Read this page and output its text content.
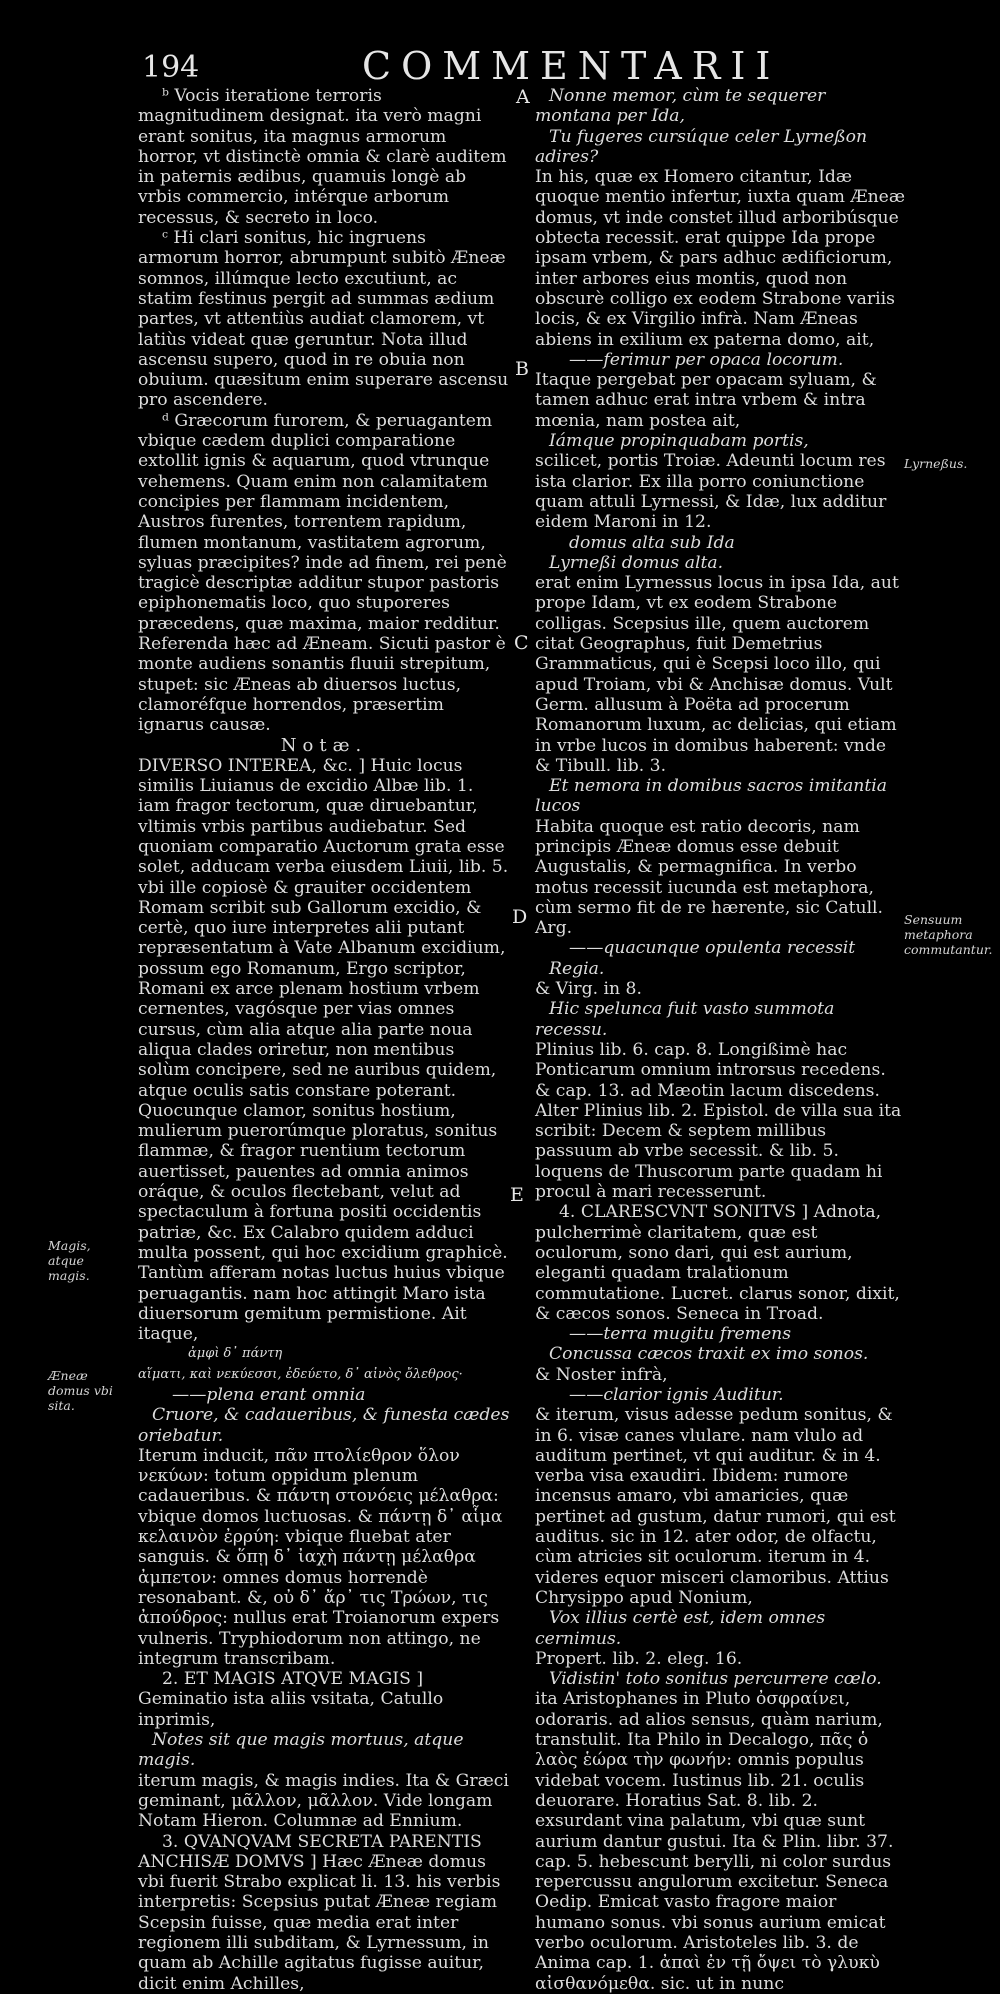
194	COMMENTARII
A
B
C
D
E
Lyrneßus.
Sensuum metaphora commutantur.
Magis, atque magis.
Æneæ domus vbi sita.

ᵇ Vocis iteratione terroris magnitudinem designat. ita verò magni erant sonitus, ita magnus armorum horror, vt distinctè omnia & clarè auditem in paternis ædibus, quamuis longè ab vrbis commercio, intérque arborum recessus, & secreto in loco.

ᶜ Hi clari sonitus, hic ingruens armorum horror, abrumpunt subitò Æneæ somnos, illúmque lecto excutiunt, ac statim festinus pergit ad summas ædium partes, vt attentiùs audiat clamorem, vt latiùs videat quæ geruntur. Nota illud ascensu supero, quod in re obuia non obuium. quæsitum enim superare ascensu pro ascendere.

ᵈ Græcorum furorem, & peruagantem vbique cædem duplici comparatione extollit ignis & aquarum, quod vtrunque vehemens. Quam enim non calamitatem concipies per flammam incidentem, Austros furentes, torrentem rapidum, flumen montanum, vastitatem agrorum, syluas præcipites? inde ad finem, rei penè tragicè descriptæ additur stupor pastoris epiphonematis loco, quo stuporeres præcedens, quæ maxima, maior redditur. Referenda hæc ad Æneam. Sicuti pastor è monte audiens sonantis fluuii strepitum, stupet: sic Æneas ab diuersos luctus, clamoréfque horrendos, præsertim ignarus causæ.

Notæ.

DIVERSO INTEREA, &c. ] Huic locus similis Liuianus de excidio Albæ lib. 1. iam fragor tectorum, quæ diruebantur, vltimis vrbis partibus audiebatur. Sed quoniam comparatio Auctorum grata esse solet, adducam verba eiusdem Liuii, lib. 5. vbi ille copiosè & grauiter occidentem Romam scribit sub Gallorum excidio, & certè, quo iure interpretes alii putant repræsentatum à Vate Albanum excidium, possum ego Romanum, Ergo scriptor, Romani ex arce plenam hostium vrbem cernentes, vagósque per vias omnes cursus, cùm alia atque alia parte noua aliqua clades oriretur, non mentibus solùm concipere, sed ne auribus quidem, atque oculis satis constare poterant. Quocunque clamor, sonitus hostium, mulierum puerorúmque ploratus, sonitus flammæ, & fragor ruentium tectorum auertisset, pauentes ad omnia animos oráque, & oculos flectebant, velut ad spectaculum à fortuna positi occidentis patriæ, &c. Ex Calabro quidem adduci multa possent, qui hoc excidium graphicè. Tantùm afferam notas luctus huius vbique peruagantis. nam hoc attingit Maro ista diuersorum gemitum permistione. Ait itaque,

ἀμφὶ δ᾽ πάντη
αἵματι, καὶ νεκύεσσι, ἐδεύετο, δ᾽ αἰνὸς ὄλεθρος·
——plena erant omnia
Cruore, & cadaueribus, & funesta cædes oriebatur.

Iterum inducit, πᾶν πτολίεθρον ὅλον νεκύων: totum oppidum plenum cadaueribus. & πάντη στονόεις μέλαθρα: vbique domos luctuosas. & πάντῃ δ᾽ αἷμα κελαινὸν ἐρρύη: vbique fluebat ater sanguis. & ὅπῃ δ᾽ ἰαχὴ πάντῃ μέλαθρα ἀμπετον: omnes domus horrendè resonabant. &, οὐ δ᾽ ἄρ᾽ τις Τρώων, τις ἀπούδρος: nullus erat Troianorum expers vulneris. Tryphiodorum non attingo, ne integrum transcribam.

2. ET MAGIS ATQVE MAGIS ] Geminatio ista aliis vsitata, Catullo inprimis,

Notes sit que magis mortuus, atque magis.

iterum magis, & magis indies. Ita & Græci geminant, μᾶλλον, μᾶλλον. Vide longam Notam Hieron. Columnæ ad Ennium.

3. QVANQVAM SECRETA PARENTIS ANCHISÆ DOMVS ] Hæc Æneæ domus vbi fuerit Strabo explicat li. 13. his verbis interpretis: Scepsius putat Æneæ regiam Scepsin fuisse, quæ media erat inter regionem illi subditam, & Lyrnessum, in quam ab Achille agitatus fugisse auitur, dicit enim Achilles,

Nonne memor, cùm te sequerer montana per Ida,
Tu fugeres cursúque celer Lyrneßon adires?

In his, quæ ex Homero citantur, Idæ quoque mentio infertur, iuxta quam Æneæ domus, vt inde constet illud arboribúsque obtecta recessit. erat quippe Ida prope ipsam vrbem, & pars adhuc ædificiorum, inter arbores eius montis, quod non obscurè colligo ex eodem Strabone variis locis, & ex Virgilio infrà. Nam Æneas abiens in exilium ex paterna domo, ait,

——ferimur per opaca locorum.

Itaque pergebat per opacam syluam, & tamen adhuc erat intra vrbem & intra mœnia, nam postea ait,

Iámque propinquabam portis,

scilicet, portis Troiæ. Adeunti locum res ista clarior. Ex illa porro coniunctione quam attuli Lyrnessi, & Idæ, lux additur eidem Maroni in 12.

domus alta sub Ida
Lyrneßi domus alta.

erat enim Lyrnessus locus in ipsa Ida, aut prope Idam, vt ex eodem Strabone colligas. Scepsius ille, quem auctorem citat Geographus, fuit Demetrius Grammaticus, qui è Scepsi loco illo, qui apud Troiam, vbi & Anchisæ domus. Vult Germ. allusum à Poëta ad procerum Romanorum luxum, ac delicias, qui etiam in vrbe lucos in domibus haberent: vnde & Tibull. lib. 3.

Et nemora in domibus sacros imitantia lucos

Habita quoque est ratio decoris, nam principis Æneæ domus esse debuit Augustalis, & permagnifica. In verbo motus recessit iucunda est metaphora, cùm sermo fit de re hærente, sic Catull. Arg.

——quacunque opulenta recessit
Regia.

& Virg. in 8.

Hic spelunca fuit vasto summota recessu.

Plinius lib. 6. cap. 8. Longißimè hac Ponticarum omnium introrsus recedens. & cap. 13. ad Mæotin lacum discedens. Alter Plinius lib. 2. Epistol. de villa sua ita scribit: Decem & septem millibus passuum ab vrbe secessit. & lib. 5. loquens de Thuscorum parte quadam hi procul à mari recesserunt.

4. CLARESCVNT SONITVS ] Adnota, pulcherrimè claritatem, quæ est oculorum, sono dari, qui est aurium, eleganti quadam tralationum commutatione. Lucret. clarus sonor, dixit, & cæcos sonos. Seneca in Troad.

——terra mugitu fremens
Concussa cæcos traxit ex imo sonos.

& Noster infrà,

——clarior ignis Auditur.

& iterum, visus adesse pedum sonitus, & in 6. visæ canes vlulare. nam vlulo ad auditum pertinet, vt qui auditur. & in 4. verba visa exaudiri. Ibidem: rumore incensus amaro, vbi amaricies, quæ pertinet ad gustum, datur rumori, qui est auditus. sic in 12. ater odor, de olfactu, cùm atricies sit oculorum. iterum in 4. videres equor misceri clamoribus. Attius Chrysippo apud Nonium,

Vox illius certè est, idem omnes cernimus.

Propert. lib. 2. eleg. 16.

Vidistin' toto sonitus percurrere cœlo.

ita Aristophanes in Pluto ὀσφραίνει, odoraris. ad alios sensus, quàm narium, transtulit. Ita Philo in Decalogo, πᾶς ὁ λαὸς ἑώρα τὴν φωνήν: omnis populus videbat vocem. Iustinus lib. 21. oculis deuorare. Horatius Sat. 8. lib. 2. exsurdant vina palatum, vbi quæ sunt aurium dantur gustui. Ita & Plin. libr. 37. cap. 5. hebescunt berylli, ni color surdus repercussu angulorum excitetur. Seneca Oedip. Emicat vasto fragore maior humano sonus. vbi sonus aurium emicat verbo oculorum. Aristoteles lib. 3. de Anima cap. 1. ἀπαὶ ἐν τῇ ὄψει τὸ γλυκὺ αἰσθανόμεθα. sic. ut in nunc
